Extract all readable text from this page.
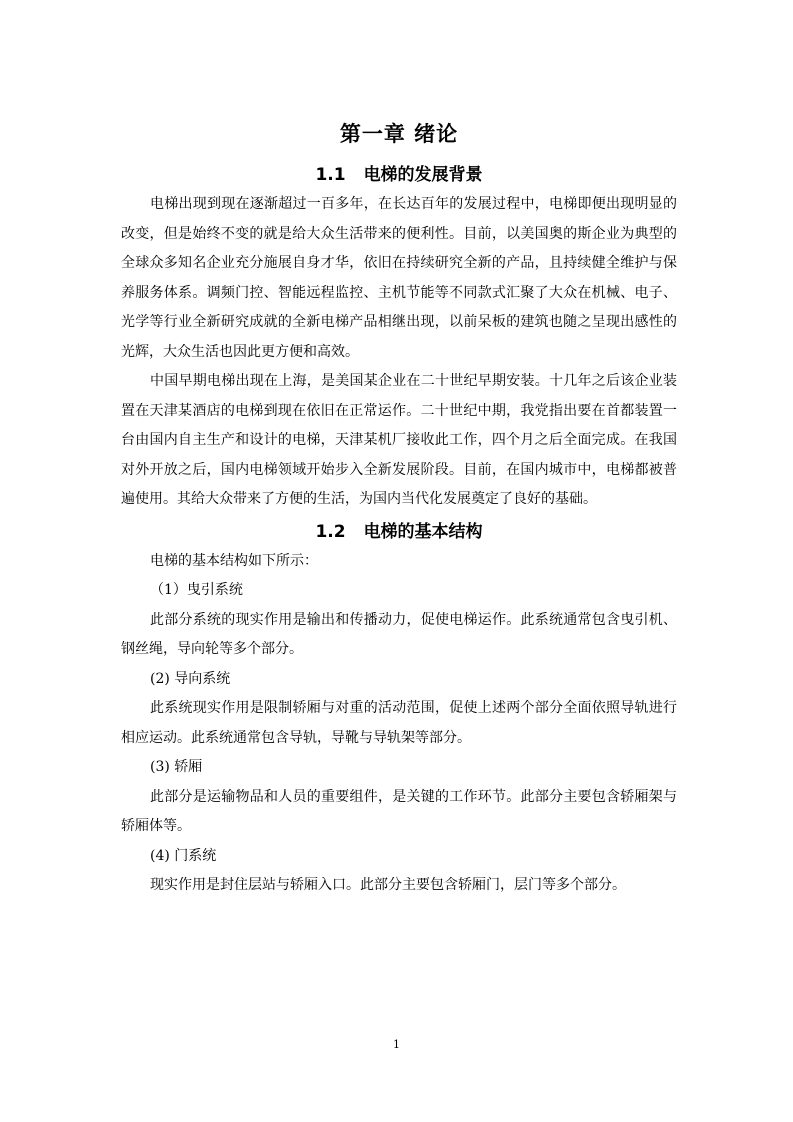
第一章 绪论
1.1 电梯的发展背景

电梯出现到现在逐渐超过一百多年，在长达百年的发展过程中，电梯即便出现明显的改变，但是始终不变的就是给大众生活带来的便利性。目前，以美国奥的斯企业为典型的全球众多知名企业充分施展自身才华，依旧在持续研究全新的产品，且持续健全维护与保养服务体系。调频门控、智能远程监控、主机节能等不同款式汇聚了大众在机械、电子、光学等行业全新研究成就的全新电梯产品相继出现，以前呆板的建筑也随之呈现出感性的光辉，大众生活也因此更方便和高效。

中国早期电梯出现在上海，是美国某企业在二十世纪早期安装。十几年之后该企业装置在天津某酒店的电梯到现在依旧在正常运作。二十世纪中期，我党指出要在首都装置一台由国内自主生产和设计的电梯，天津某机厂接收此工作，四个月之后全面完成。在我国对外开放之后，国内电梯领域开始步入全新发展阶段。目前，在国内城市中，电梯都被普遍使用。其给大众带来了方便的生活，为国内当代化发展奠定了良好的基础。

1.2 电梯的基本结构

电梯的基本结构如下所示：

（1）曳引系统

此部分系统的现实作用是输出和传播动力，促使电梯运作。此系统通常包含曳引机、钢丝绳，导向轮等多个部分。

(2) 导向系统

此系统现实作用是限制轿厢与对重的活动范围，促使上述两个部分全面依照导轨进行相应运动。此系统通常包含导轨，导靴与导轨架等部分。

(3) 轿厢

此部分是运输物品和人员的重要组件，是关键的工作环节。此部分主要包含轿厢架与轿厢体等。

(4) 门系统

现实作用是封住层站与轿厢入口。此部分主要包含轿厢门，层门等多个部分。

1
